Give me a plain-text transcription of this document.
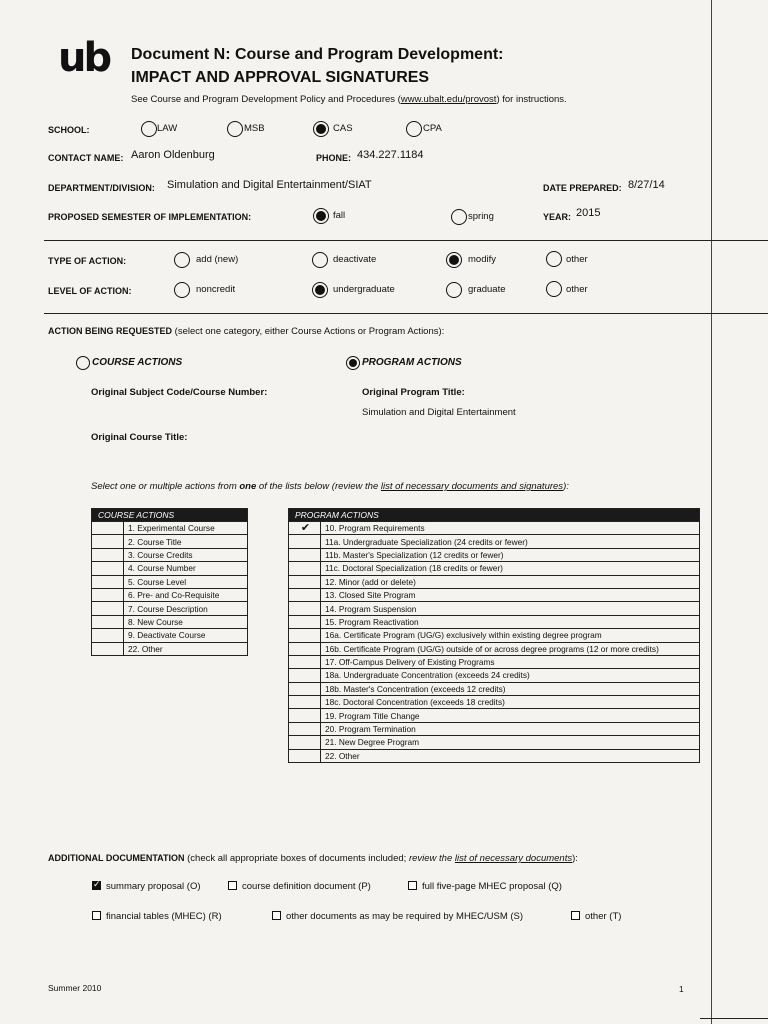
ub Document N: Course and Program Development:
IMPACT AND APPROVAL SIGNATURES
See Course and Program Development Policy and Procedures (www.ubalt.edu/provost) for instructions.
SCHOOL:	LAW	MSB	CAS	CPA
CONTACT NAME: Aaron Oldenburg	PHONE: 434.227.1184
DEPARTMENT/DIVISION: Simulation and Digital Entertainment/SIAT	DATE PREPARED: 8/27/14
PROPOSED SEMESTER OF IMPLEMENTATION:	fall	spring	YEAR: 2015
TYPE OF ACTION:	add (new)	deactivate	modify	other
LEVEL OF ACTION:	noncredit	undergraduate	graduate	other
ACTION BEING REQUESTED (select one category, either Course Actions or Program Actions):
COURSE ACTIONS	PROGRAM ACTIONS
Original Subject Code/Course Number:	Original Program Title:
Simulation and Digital Entertainment
Original Course Title:
Select one or multiple actions from one of the lists below (review the list of necessary documents and signatures):
COURSE ACTIONS	
	1. Experimental Course
	2. Course Title
	3. Course Credits
	4. Course Number
	5. Course Level
	6. Pre- and Co-Requisite
	7. Course Description
	8. New Course
	9. Deactivate Course
	22. Other
PROGRAM ACTIONS	
✔	10. Program Requirements
	11a. Undergraduate Specialization (24 credits or fewer)
	11b. Master's Specialization (12 credits or fewer)
	11c. Doctoral Specialization (18 credits or fewer)
	12. Minor (add or delete)
	13. Closed Site Program
	14. Program Suspension
	15. Program Reactivation
	16a. Certificate Program (UG/G) exclusively within existing degree program
	16b. Certificate Program (UG/G) outside of or across degree programs (12 or more credits)
	17. Off-Campus Delivery of Existing Programs
	18a. Undergraduate Concentration (exceeds 24 credits)
	18b. Master's Concentration (exceeds 12 credits)
	18c. Doctoral Concentration (exceeds 18 credits)
	19. Program Title Change
	20. Program Termination
	21. New Degree Program
	22. Other
ADDITIONAL DOCUMENTATION (check all appropriate boxes of documents included; review the list of necessary documents):
✓summary proposal (O)	course definition document (P)	full five-page MHEC proposal (Q)
financial tables (MHEC) (R)	other documents as may be required by MHEC/USM (S)	other (T)
Summer 2010	1
